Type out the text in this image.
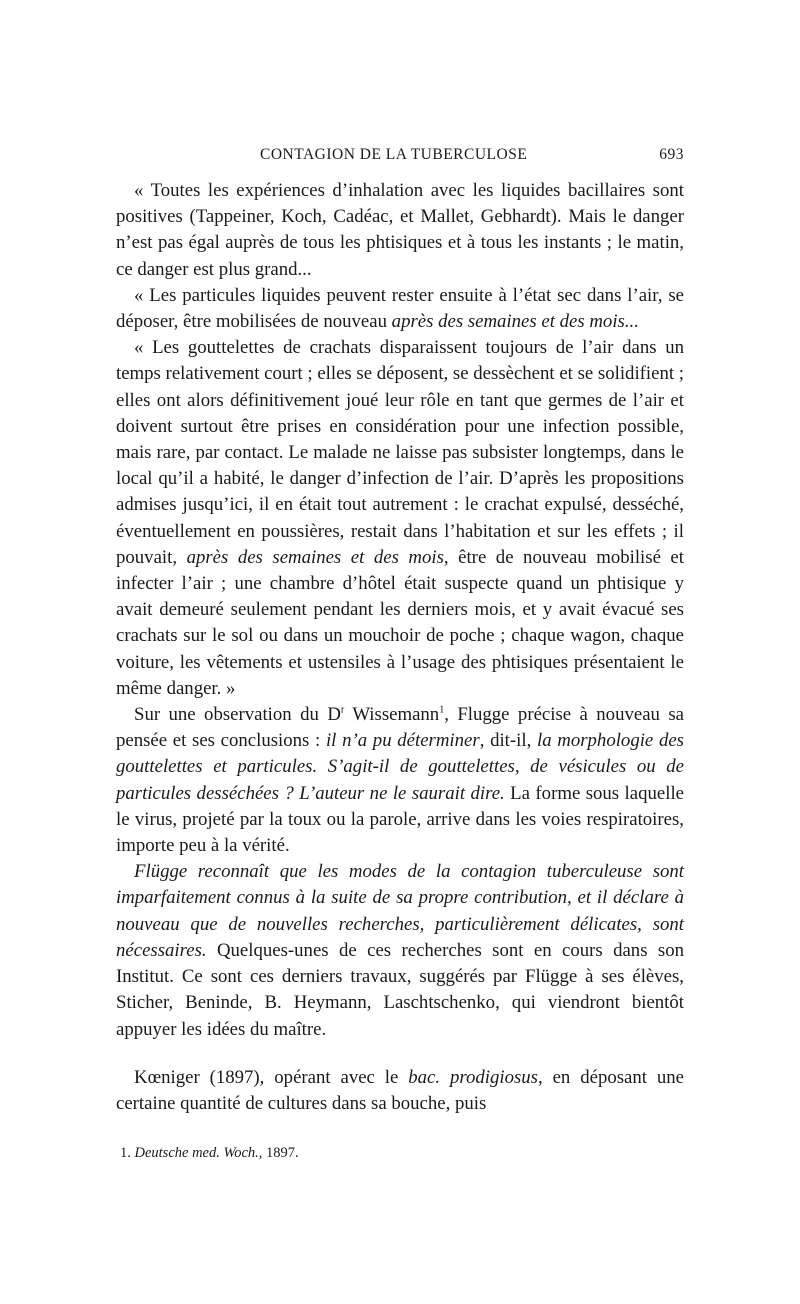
CONTAGION DE LA TUBERCULOSE	693

« Toutes les expériences d’inhalation avec les liquides bacillaires sont positives (Tappeiner, Koch, Cadéac, et Mallet, Gebhardt). Mais le danger n’est pas égal auprès de tous les phtisiques et à tous les instants ; le matin, ce danger est plus grand...

« Les particules liquides peuvent rester ensuite à l’état sec dans l’air, se déposer, être mobilisées de nouveau après des semaines et des mois...

« Les gouttelettes de crachats disparaissent toujours de l’air dans un temps relativement court ; elles se déposent, se dessèchent et se solidifient ; elles ont alors définitivement joué leur rôle en tant que germes de l’air et doivent surtout être prises en considération pour une infection possible, mais rare, par contact. Le malade ne laisse pas subsister longtemps, dans le local qu’il a habité, le danger d’infection de l’air. D’après les propositions admises jusqu’ici, il en était tout autrement : le crachat expulsé, desséché, éventuellement en poussières, restait dans l’habitation et sur les effets ; il pouvait, après des semaines et des mois, être de nouveau mobilisé et infecter l’air ; une chambre d’hôtel était suspecte quand un phtisique y avait demeuré seulement pendant les derniers mois, et y avait évacué ses crachats sur le sol ou dans un mouchoir de poche ; chaque wagon, chaque voiture, les vêtements et ustensiles à l’usage des phtisiques présentaient le même danger. »

Sur une observation du $D^r$ Wissemann$^1$, Flugge précise à nouveau sa pensée et ses conclusions : il n’a pu déterminer, dit-il, la morphologie des gouttelettes et particules. S’agit-il de gouttelettes, de vésicules ou de particules desséchées ? L’auteur ne le saurait dire. La forme sous laquelle le virus, projeté par la toux ou la parole, arrive dans les voies respiratoires, importe peu à la vérité.

Flügge reconnaît que les modes de la contagion tuberculeuse sont imparfaitement connus à la suite de sa propre contribution, et il déclare à nouveau que de nouvelles recherches, particulièrement délicates, sont nécessaires. Quelques-unes de ces recherches sont en cours dans son Institut. Ce sont ces derniers travaux, suggérés par Flügge à ses élèves, Sticher, Beninde, B. Heymann, Laschtschenko, qui viendront bientôt appuyer les idées du maître.

Kœniger (1897), opérant avec le bac. prodigiosus, en déposant une certaine quantité de cultures dans sa bouche, puis

1. Deutsche med. Woch., 1897.
